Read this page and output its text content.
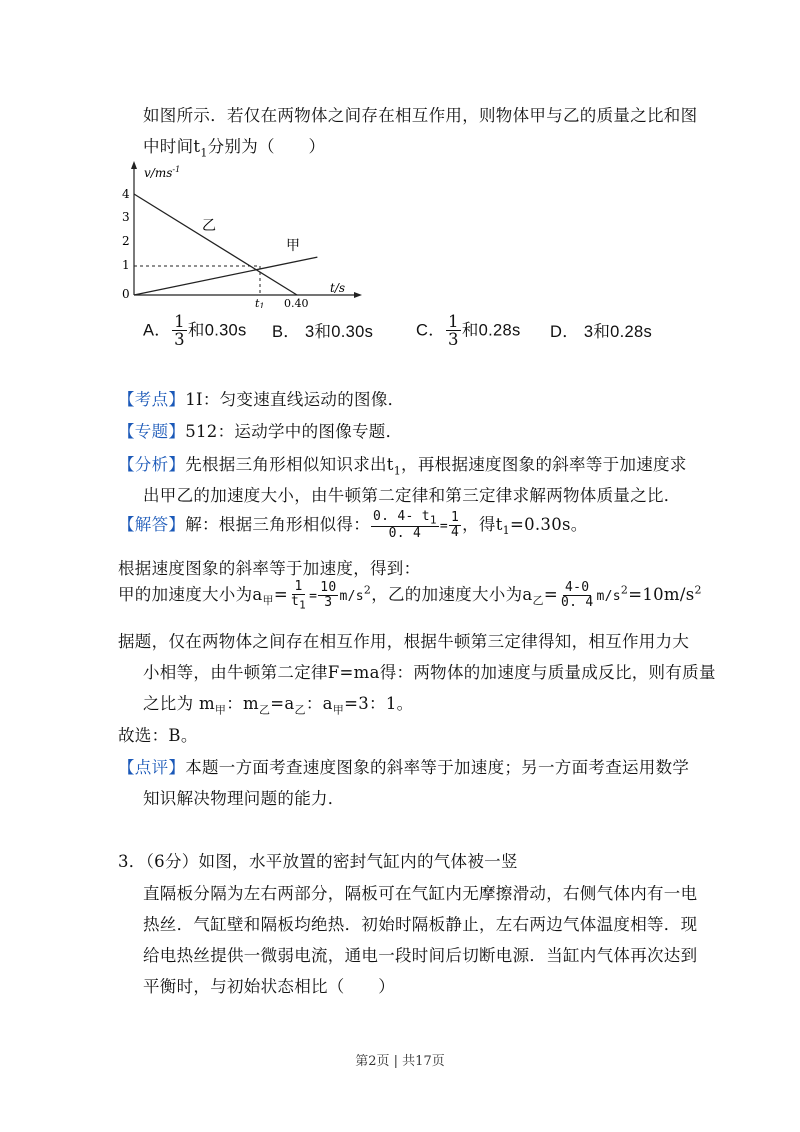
如图所示．若仅在两物体之间存在相互作用，则物体甲与乙的质量之比和图
中时间$t_1$分别为（　　）
$v/ms^{-1}$
t/s
4
3
2
1
0
乙
甲
t1 0.40
A． $\frac{1}{3}$ 和0.30s B． 3和0.30s	C． $\frac{1}{3}$ 和0.28s D． 3和0.28s
【考点】1I：匀变速直线运动的图像．
【专题】512：运动学中的图像专题．
【分析】先根据三角形相似知识求出$t_1$，再根据速度图象的斜率等于加速度求
出甲乙的加速度大小，由牛顿第二定律和第三定律求解两物体质量之比．
【解答】解：根据三角形相似得： $\frac{0. 4- t_1}{0. 4} = \frac{1}{4}$ ，得$t_1=0.30s$。
根据速度图象的斜率等于加速度，得到：
甲的加速度大小为$a_甲= \frac{1}{t_1} = \frac{10}{3} m/s^2$，乙的加速度大小为$a_乙= \frac{4-0}{0. 4} m/s^2=10m/s^2$
据题，仅在两物体之间存在相互作用，根据牛顿第三定律得知，相互作用力大
小相等，由牛顿第二定律F=ma得：两物体的加速度与质量成反比，则有质量
之比为 $m_甲$：$m_乙=a_乙$：$a_甲=3$：1。
故选：B。
【点评】本题一方面考查速度图象的斜率等于加速度；另一方面考查运用数学
知识解决物理问题的能力．
3．（6分）如图，水平放置的密封气缸内的气体被一竖
直隔板分隔为左右两部分，隔板可在气缸内无摩擦滑动，右侧气体内有一电
热丝．气缸壁和隔板均绝热．初始时隔板静止，左右两边气体温度相等．现
给电热丝提供一微弱电流，通电一段时间后切断电源．当缸内气体再次达到
平衡时，与初始状态相比（　　）
第2页 | 共17页
